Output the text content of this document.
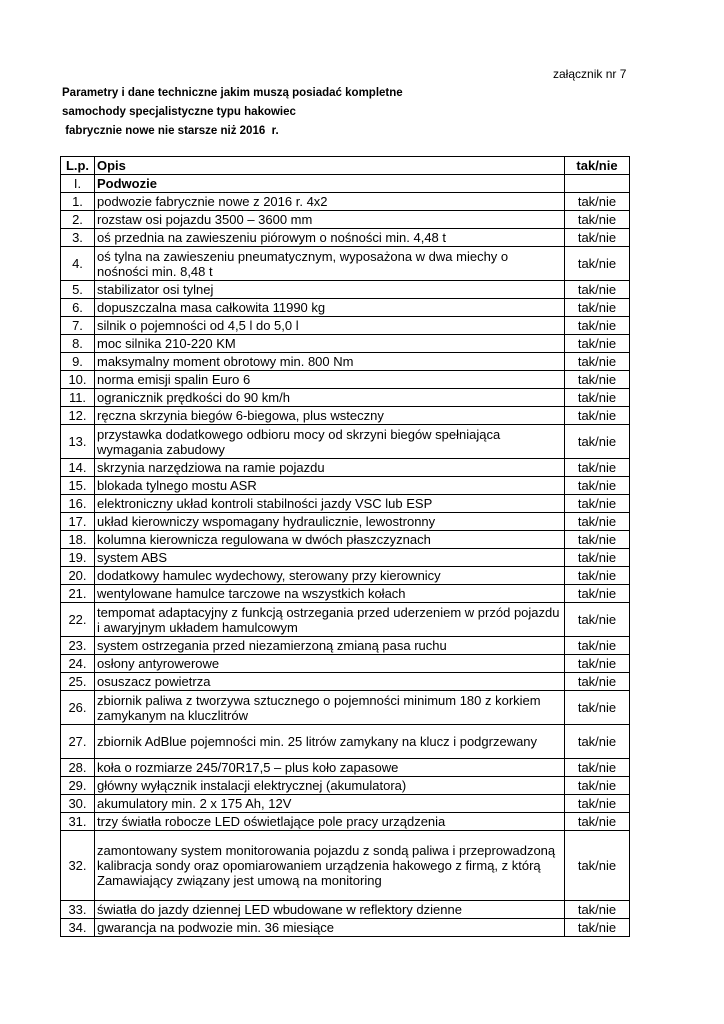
załącznik nr 7
Parametry i dane techniczne jakim muszą posiadać kompletne
samochody specjalistyczne typu hakowiec
fabrycznie nowe nie starsze niż 2016  r.
L.p.	Opis	tak/nie
I.	Podwozie	
1.	podwozie fabrycznie nowe z 2016 r. 4x2	tak/nie
2.	rozstaw osi pojazdu 3500 – 3600 mm	tak/nie
3.	oś przednia na zawieszeniu piórowym o nośności min. 4,48 t	tak/nie
4.	oś tylna na zawieszeniu pneumatycznym, wyposażona w dwa miechy o nośności min. 8,48 t	tak/nie
5.	stabilizator osi tylnej	tak/nie
6.	dopuszczalna masa całkowita 11990 kg	tak/nie
7.	silnik o pojemności od 4,5 l do 5,0 l	tak/nie
8.	moc silnika 210-220 KM	tak/nie
9.	maksymalny moment obrotowy min. 800 Nm	tak/nie
10.	norma emisji spalin Euro 6	tak/nie
11.	ogranicznik prędkości do 90 km/h	tak/nie
12.	ręczna skrzynia biegów 6-biegowa, plus wsteczny	tak/nie
13.	przystawka dodatkowego odbioru mocy od skrzyni biegów spełniająca wymagania zabudowy	tak/nie
14.	skrzynia narzędziowa na ramie pojazdu	tak/nie
15.	blokada tylnego mostu ASR	tak/nie
16.	elektroniczny układ kontroli stabilności jazdy VSC lub ESP	tak/nie
17.	układ kierowniczy wspomagany hydraulicznie, lewostronny	tak/nie
18.	kolumna kierownicza regulowana w dwóch płaszczyznach	tak/nie
19.	system ABS	tak/nie
20.	dodatkowy hamulec wydechowy, sterowany przy kierownicy	tak/nie
21.	wentylowane hamulce tarczowe na wszystkich kołach	tak/nie
22.	tempomat adaptacyjny z funkcją ostrzegania przed uderzeniem w przód pojazdu i awaryjnym układem hamulcowym	tak/nie
23.	system ostrzegania przed niezamierzoną zmianą pasa ruchu	tak/nie
24.	osłony antyrowerowe	tak/nie
25.	osuszacz powietrza	tak/nie
26.	zbiornik paliwa z tworzywa sztucznego o pojemności minimum 180 z korkiem zamykanym na kluczlitrów	tak/nie
27.	zbiornik AdBlue pojemności min. 25 litrów zamykany na klucz i podgrzewany	tak/nie
28.	koła o rozmiarze 245/70R17,5 – plus koło zapasowe	tak/nie
29.	główny wyłącznik instalacji elektrycznej (akumulatora)	tak/nie
30.	akumulatory min. 2 x 175 Ah, 12V	tak/nie
31.	trzy światła robocze LED oświetlające pole pracy urządzenia	tak/nie
32.	zamontowany system monitorowania pojazdu z sondą paliwa i przeprowadzoną kalibracja sondy oraz opomiarowaniem urządzenia hakowego z firmą, z którą Zamawiający związany jest umową na monitoring	tak/nie
33.	światła do jazdy dziennej LED wbudowane w reflektory dzienne	tak/nie
34.	gwarancja na podwozie min. 36 miesiące	tak/nie
